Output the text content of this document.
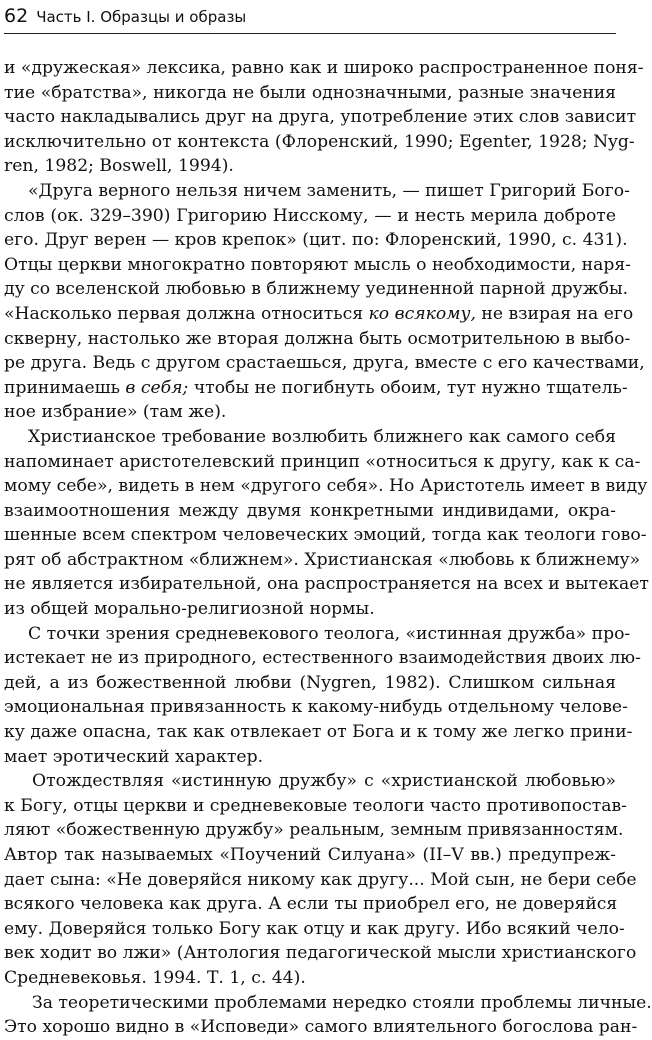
62 Часть I. Образцы и образы
и «дружеская» лексика, равно как и широко распространенное поня-
тие «братства», никогда не были однозначными, разные значения
часто накладывались друг на друга, употребление этих слов зависит
исключительно от контекста (Флоренский, 1990; Egenter, 1928; Nyg-
ren, 1982; Boswell, 1994).
«Друга верного нельзя ничем заменить, — пишет Григорий Бого-
слов (ок. 329–390) Григорию Нисскому, — и несть мерила доброте
его. Друг верен — кров крепок» (цит. по: Флоренский, 1990, с. 431).
Отцы церкви многократно повторяют мысль о необходимости, наря-
ду со вселенской любовью в ближнему уединенной парной дружбы.
«Насколько первая должна относиться ко всякому, не взирая на его
скверну, настолько же вторая должна быть осмотрительною в выбо-
ре друга. Ведь с другом срастаешься, друга, вместе с его качествами,
принимаешь в себя; чтобы не погибнуть обоим, тут нужно тщатель-
ное избрание» (там же).
Христианское требование возлюбить ближнего как самого себя
напоминает аристотелевский принцип «относиться к другу, как к са-
мому себе», видеть в нем «другого себя». Но Аристотель имеет в виду
взаимоотношения между двумя конкретными индивидами, окра-
шенные всем спектром человеческих эмоций, тогда как теологи гово-
рят об абстрактном «ближнем». Христианская «любовь к ближнему»
не является избирательной, она распространяется на всех и вытекает
из общей морально-религиозной нормы.
С точки зрения средневекового теолога, «истинная дружба» про-
истекает не из природного, естественного взаимодействия двоих лю-
дей, а из божественной любви (Nygren, 1982). Слишком сильная
эмоциональная привязанность к какому-нибудь отдельному челове-
ку даже опасна, так как отвлекает от Бога и к тому же легко прини-
мает эротический характер.
Отождествляя «истинную дружбу» с «христианской любовью»
к Богу, отцы церкви и средневековые теологи часто противопостав-
ляют «божественную дружбу» реальным, земным привязанностям.
Автор так называемых «Поучений Силуана» (II–V вв.) предупреж-
дает сына: «Не доверяйся никому как другу... Мой сын, не бери себе
всякого человека как друга. А если ты приобрел его, не доверяйся
ему. Доверяйся только Богу как отцу и как другу. Ибо всякий чело-
век ходит во лжи» (Антология педагогической мысли христианского
Средневековья. 1994. Т. 1, с. 44).
За теоретическими проблемами нередко стояли проблемы личные.
Это хорошо видно в «Исповеди» самого влиятельного богослова ран-
